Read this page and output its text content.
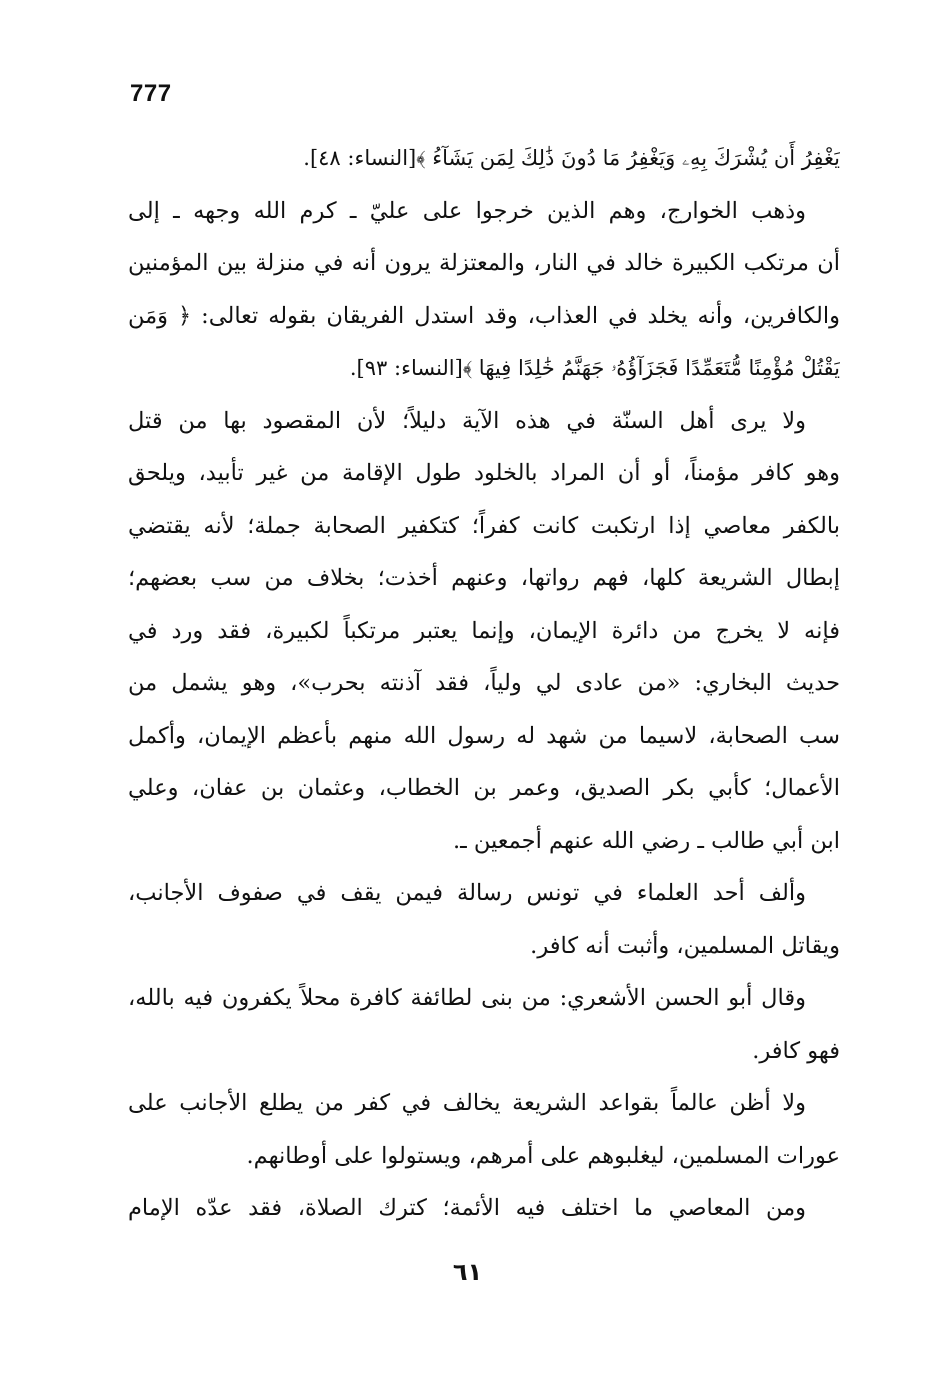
777
يَغْفِرُ أَن يُشْرَكَ بِهِۦ وَيَغْفِرُ مَا دُونَ ذَٰلِكَ لِمَن يَشَآءُ ﴾[النساء: ٤٨].
وذهب الخوارج، وهم الذين خرجوا على عليّ ـ كرم الله وجهه ـ إلى
أن مرتكب الكبيرة خالد في النار، والمعتزلة يرون أنه في منزلة بين المؤمنين
والكافرين، وأنه يخلد في العذاب، وقد استدل الفريقان بقوله تعالى: ﴿ وَمَن
يَقْتُلْ مُؤْمِنًا مُّتَعَمِّدًا فَجَزَآؤُهُۥ جَهَنَّمُ خَٰلِدًا فِيهَا ﴾[النساء: ٩٣].
ولا يرى أهل السنّة في هذه الآية دليلاً؛ لأن المقصود بها من قتل
وهو كافر مؤمناً، أو أن المراد بالخلود طول الإقامة من غير تأبيد، ويلحق
بالكفر معاصي إذا ارتكبت كانت كفراً؛ كتكفير الصحابة جملة؛ لأنه يقتضي
إبطال الشريعة كلها، فهم رواتها، وعنهم أخذت؛ بخلاف من سب بعضهم؛
فإنه لا يخرج من دائرة الإيمان، وإنما يعتبر مرتكباً لكبيرة، فقد ورد في
حديث البخاري: «من عادى لي ولياً، فقد آذنته بحرب»، وهو يشمل من
سب الصحابة، لاسيما من شهد له رسول الله منهم بأعظم الإيمان، وأكمل
الأعمال؛ كأبي بكر الصديق، وعمر بن الخطاب، وعثمان بن عفان، وعلي
ابن أبي طالب ـ رضي الله عنهم أجمعين ـ.
وألف أحد العلماء في تونس رسالة فيمن يقف في صفوف الأجانب،
ويقاتل المسلمين، وأثبت أنه كافر.
وقال أبو الحسن الأشعري: من بنى لطائفة كافرة محلاً يكفرون فيه بالله،
فهو كافر.
ولا أظن عالماً بقواعد الشريعة يخالف في كفر من يطلع الأجانب على
عورات المسلمين، ليغلبوهم على أمرهم، ويستولوا على أوطانهم.
ومن المعاصي ما اختلف فيه الأئمة؛ كترك الصلاة، فقد عدّه الإمام
٦١
